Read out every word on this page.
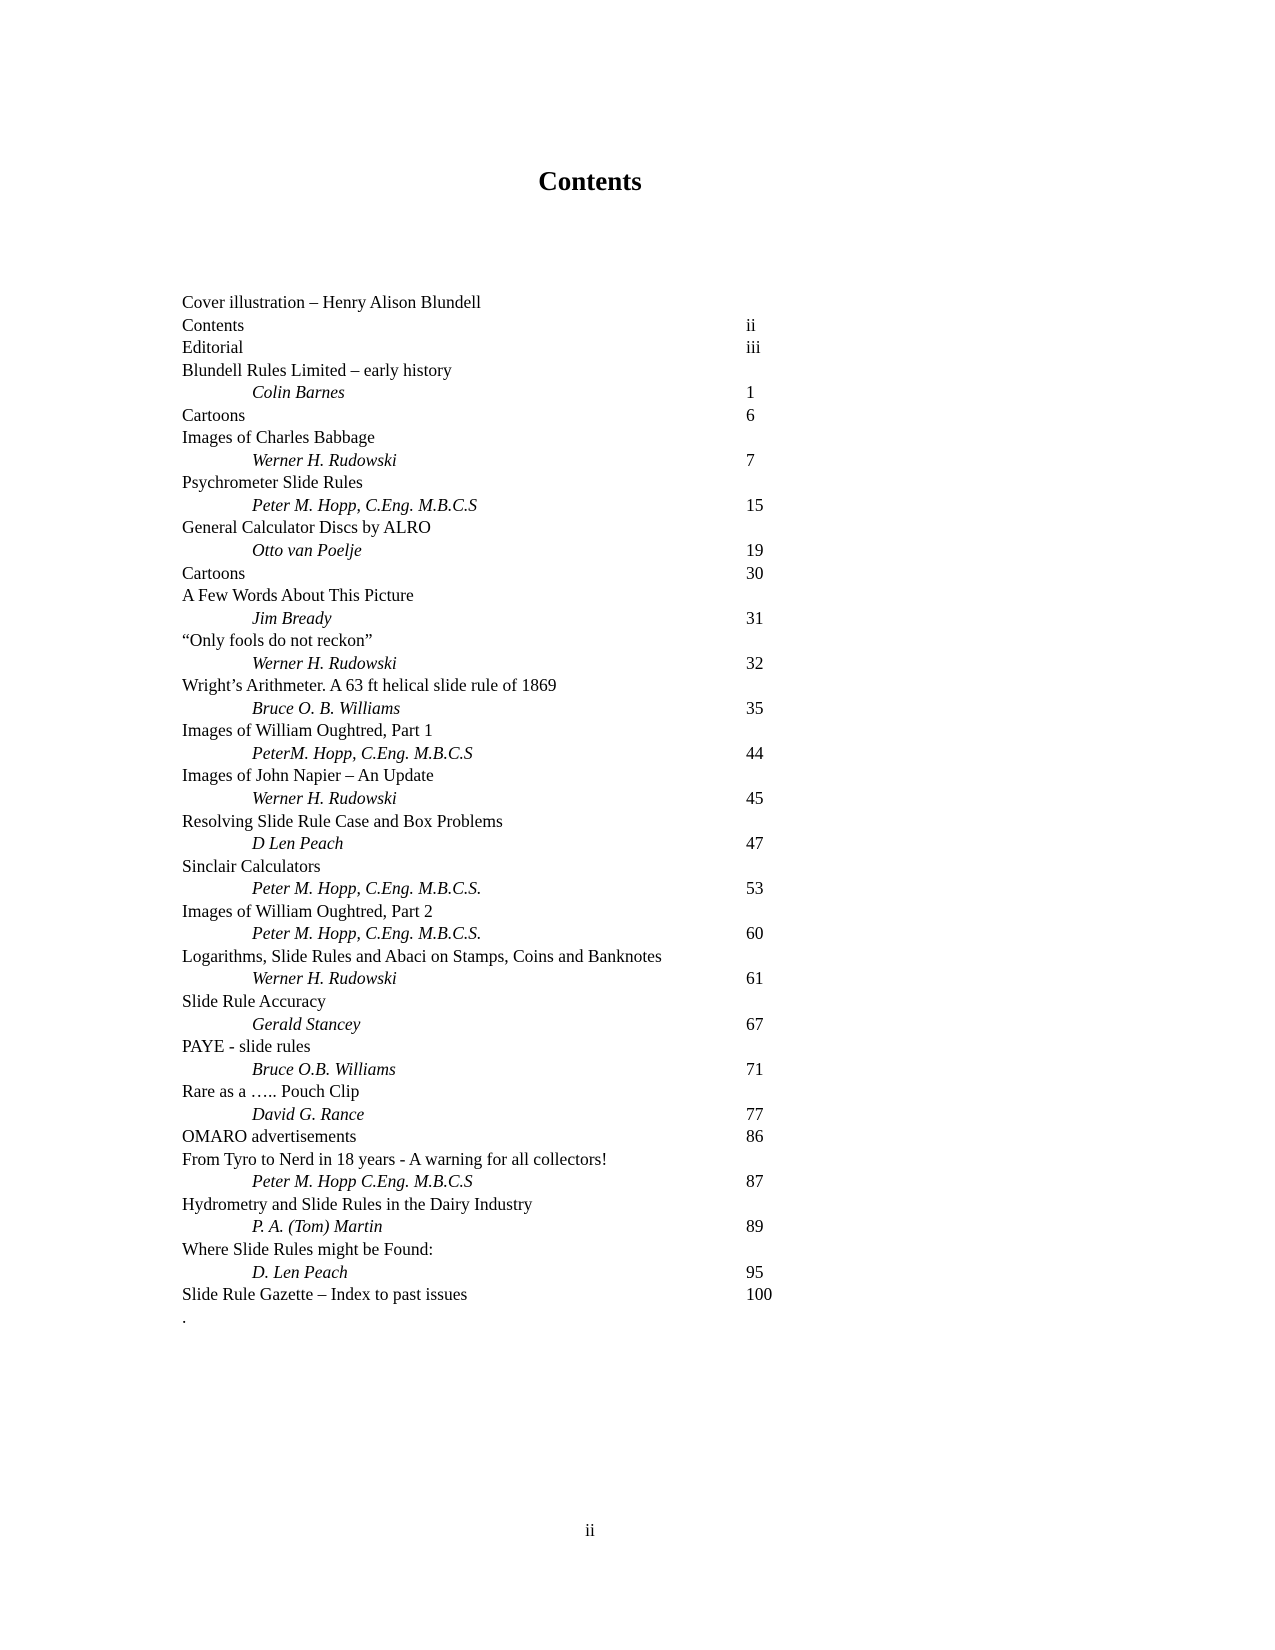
Contents
Cover illustration – Henry Alison Blundell
Contents	ii
Editorial	iii
Blundell Rules Limited – early history
Colin Barnes	1
Cartoons	6
Images of Charles Babbage
Werner H. Rudowski	7
Psychrometer Slide Rules
Peter M. Hopp, C.Eng. M.B.C.S	15
General Calculator Discs by ALRO
Otto van Poelje	19
Cartoons	30
A Few Words About This Picture
Jim Bready	31
“Only fools do not reckon”
Werner H. Rudowski	32
Wright’s Arithmeter. A 63 ft helical slide rule of 1869
Bruce O. B. Williams	35
Images of William Oughtred, Part 1
PeterM. Hopp, C.Eng. M.B.C.S	44
Images of John Napier – An Update
Werner H. Rudowski	45
Resolving Slide Rule Case and Box Problems
D Len Peach	47
Sinclair Calculators
Peter M. Hopp, C.Eng. M.B.C.S.	53
Images of William Oughtred, Part 2
Peter M. Hopp, C.Eng. M.B.C.S.	60
Logarithms, Slide Rules and Abaci on Stamps, Coins and Banknotes
Werner H. Rudowski	61
Slide Rule Accuracy
Gerald Stancey	67
PAYE - slide rules
Bruce O.B. Williams	71
Rare as a ….. Pouch Clip
David G. Rance	77
OMARO advertisements	86
From Tyro to Nerd in 18 years - A warning for all collectors!
Peter M. Hopp C.Eng. M.B.C.S	87
Hydrometry and Slide Rules in the Dairy Industry
P. A. (Tom) Martin	89
Where Slide Rules might be Found:
D. Len Peach	95
Slide Rule Gazette – Index to past issues	100
.
ii
